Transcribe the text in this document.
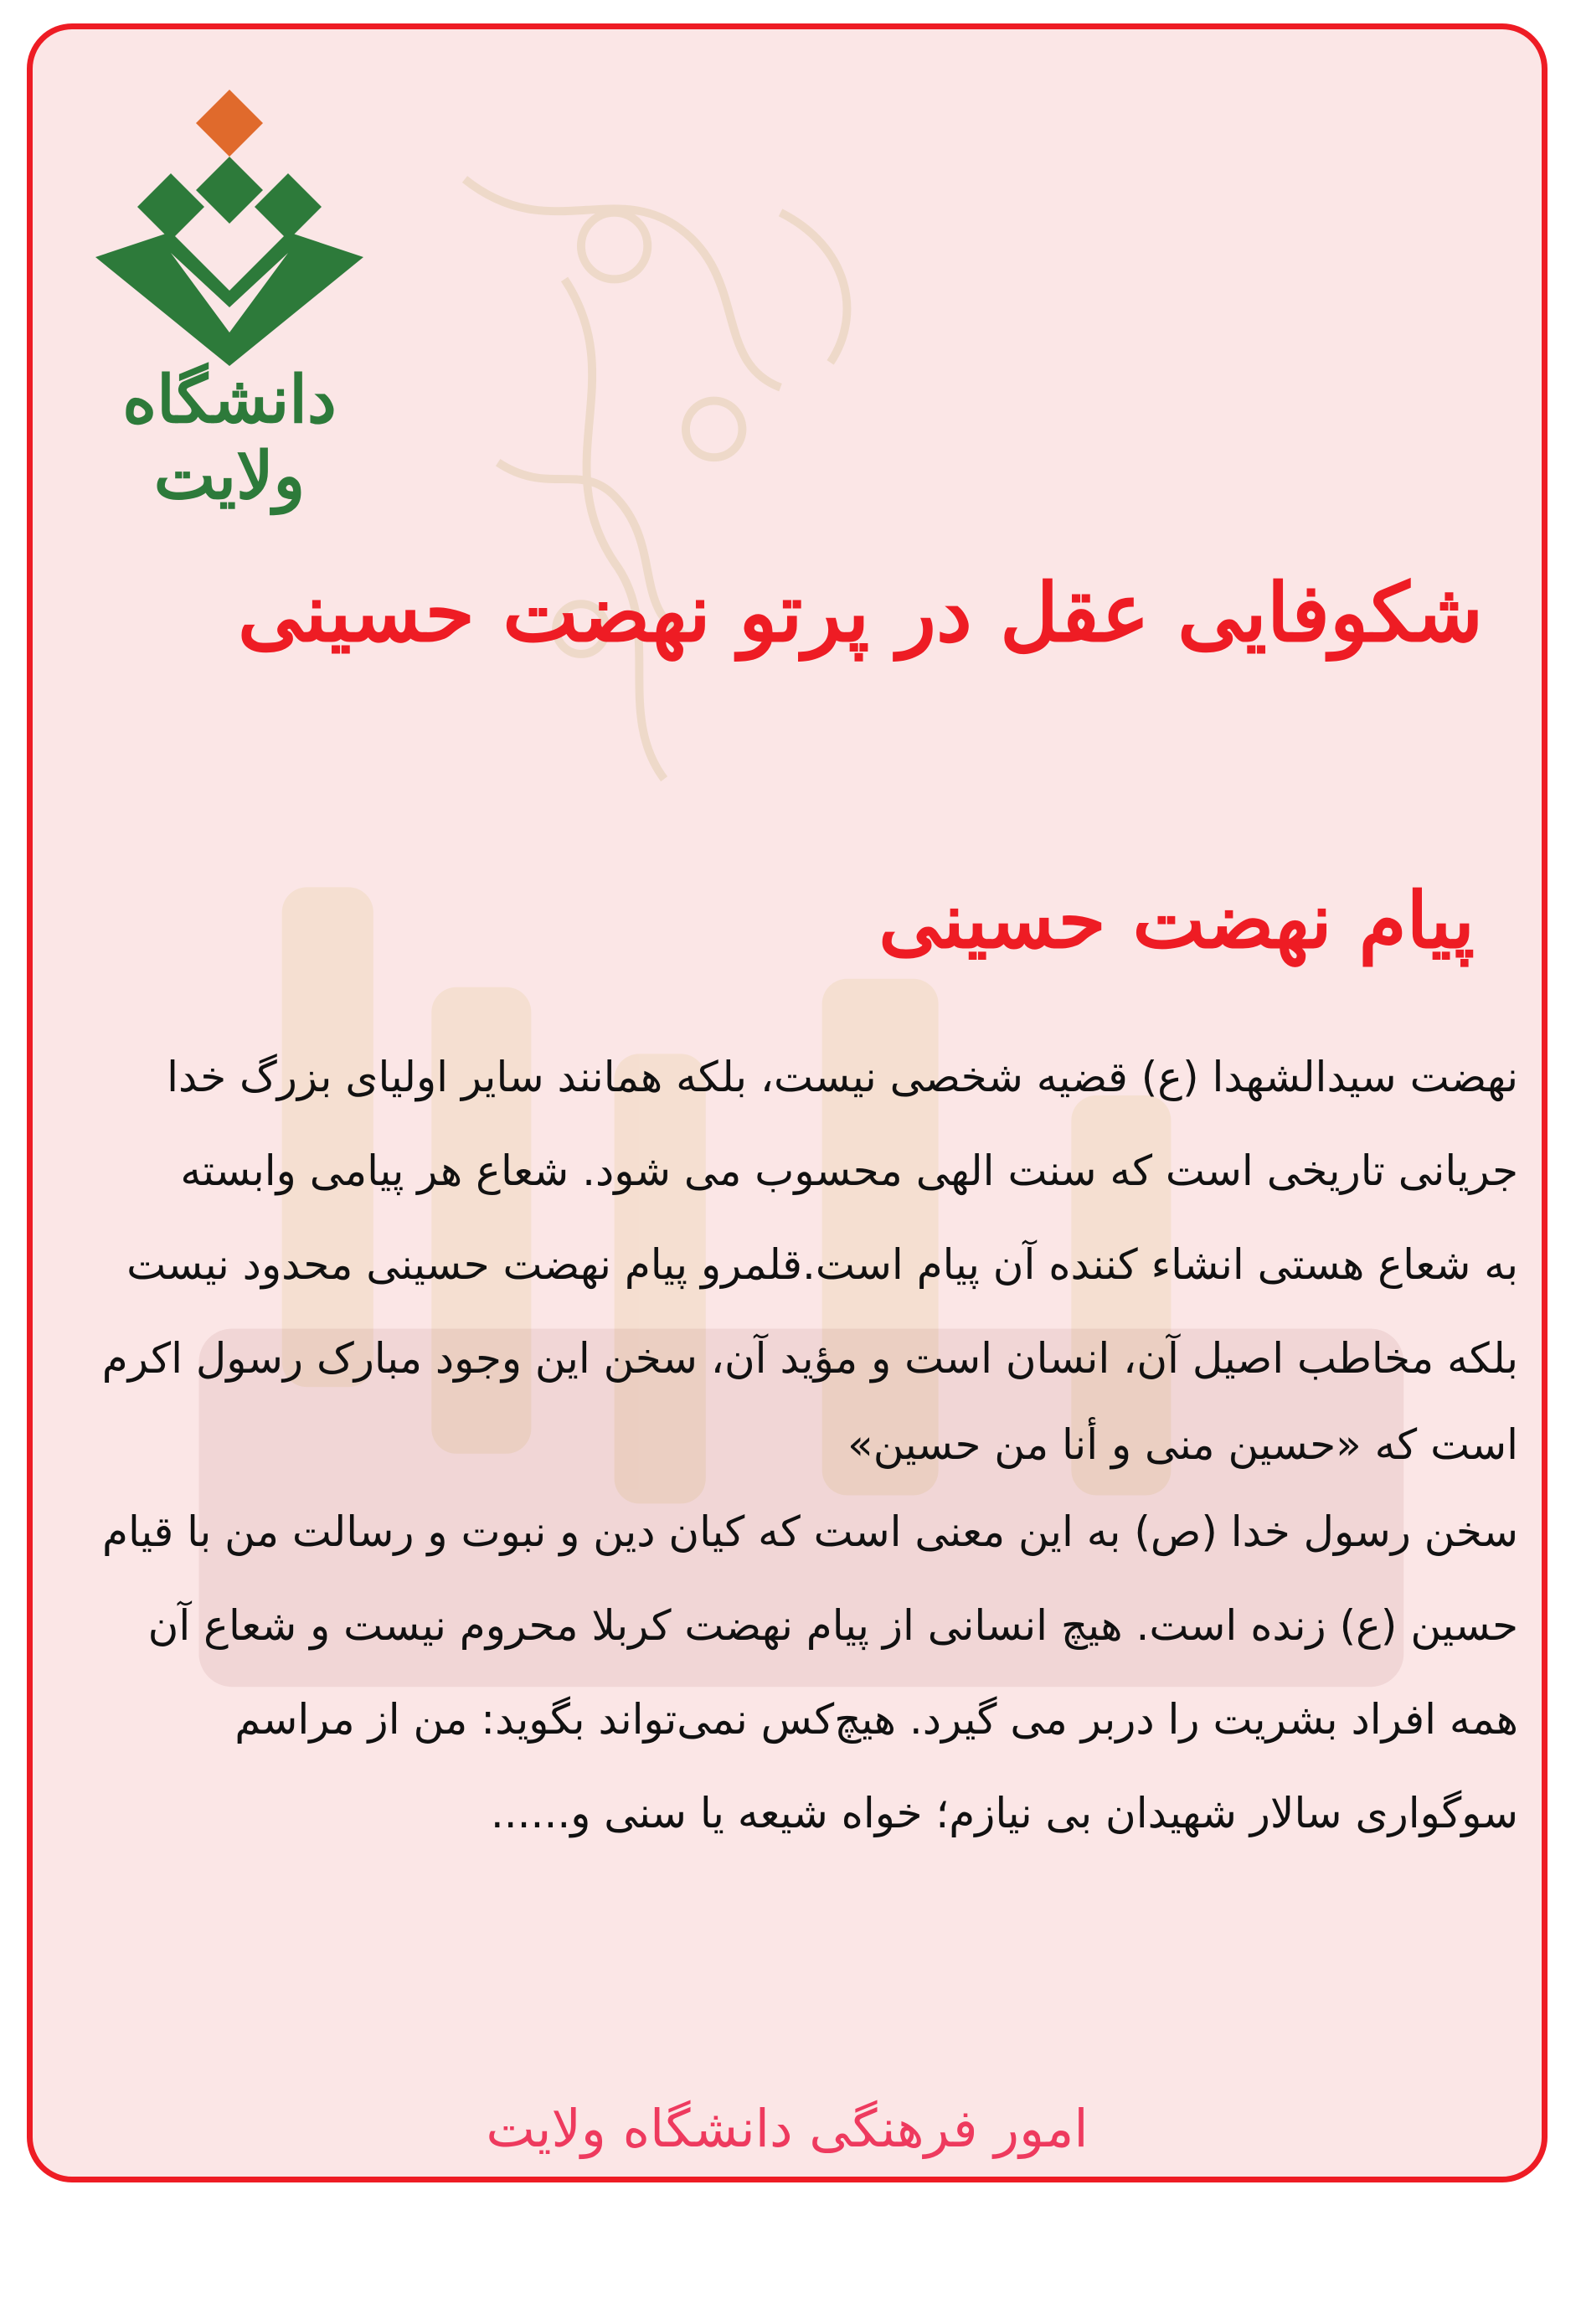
دانشگاه ولایت
شکوفایی عقل در پرتو نهضت حسینی
پیام نهضت حسینی
نهضت سیدالشهدا (ع) قضیه شخصی نیست، بلکه همانند سایر اولیای بزرگ خدا
جریانی تاریخی است که سنت الهی محسوب می شود. شعاع هر پیامی وابسته
به شعاع هستی انشاء کننده آن پیام است.قلمرو پیام نهضت حسینی محدود نیست
بلکه مخاطب اصیل آن، انسان است و مؤید آن، سخن این وجود مبارک رسول اکرم
است که «حسین منی و أنا من حسین»
سخن رسول خدا (ص) به این معنی است که کیان دین و نبوت و رسالت من با قیام
حسین (ع) زنده است. هیچ انسانی از پیام نهضت کربلا محروم نیست و شعاع آن
همه افراد بشریت را دربر می گیرد. هیچ‌کس نمی‌تواند بگوید: من از مراسم
سوگواری سالار شهیدان بی نیازم؛ خواه شیعه یا سنی و......

امور فرهنگی دانشگاه ولایت
